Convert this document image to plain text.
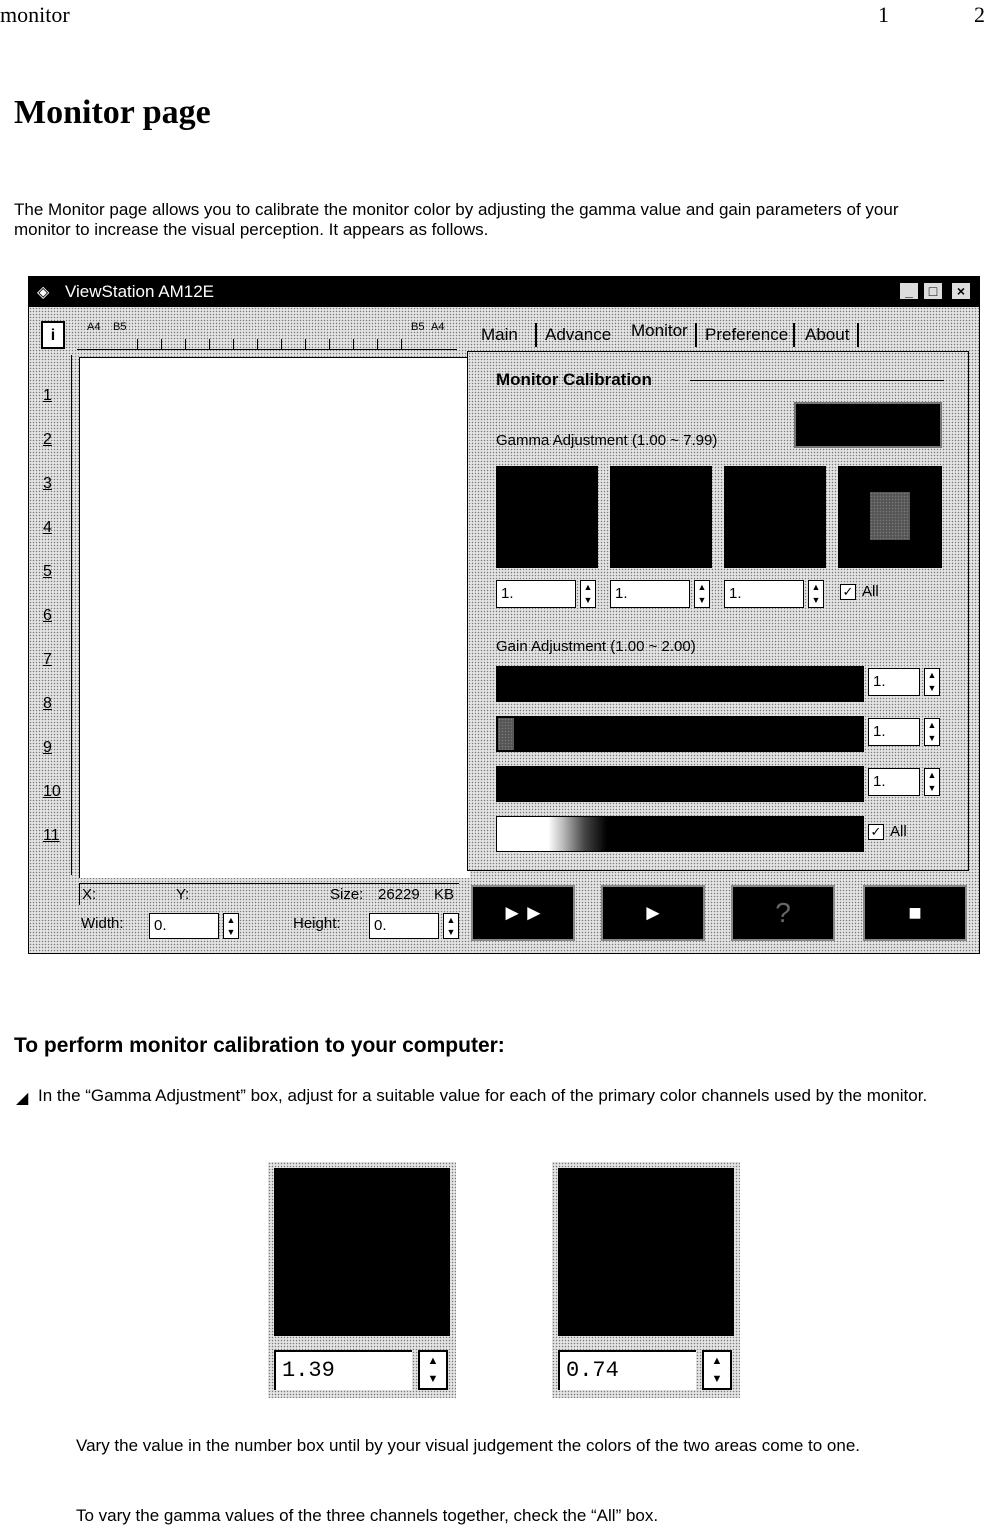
monitor	1	2
Monitor page
The Monitor page allows you to calibrate the monitor color by adjusting the gamma value and gain parameters of your monitor to increase the visual perception. It appears as follows.
◈ ViewStation AM12E	_	□	×
i	A4 B5	B5 A4
1
2
3
4
5
6
7
8
9
10
11
Main Advance Monitor Preference About
Monitor Calibration
Gamma Adjustment (1.00 ~ 7.99)
1.	▲
▼	1.	▲
▼	1.	▲
▼
✓ All
Gain Adjustment (1.00 ~ 2.00)
1.	▲
▼
1.	▲
▼
1.	▲
▼
✓ All
X:	Y:	Size: 26229 KB
Width:	0.	▲
▼	Height:	0.	▲
▼
►►	►	?	■
To perform monitor calibration to your computer:
◢ In the “Gamma Adjustment” box, adjust for a suitable value for each of the primary color channels used by the monitor.
1.39	▲
▼	0.74	▲
▼
Vary the value in the number box until by your visual judgement the colors of the two areas come to one.
To vary the gamma values of the three channels together, check the “All” box.
